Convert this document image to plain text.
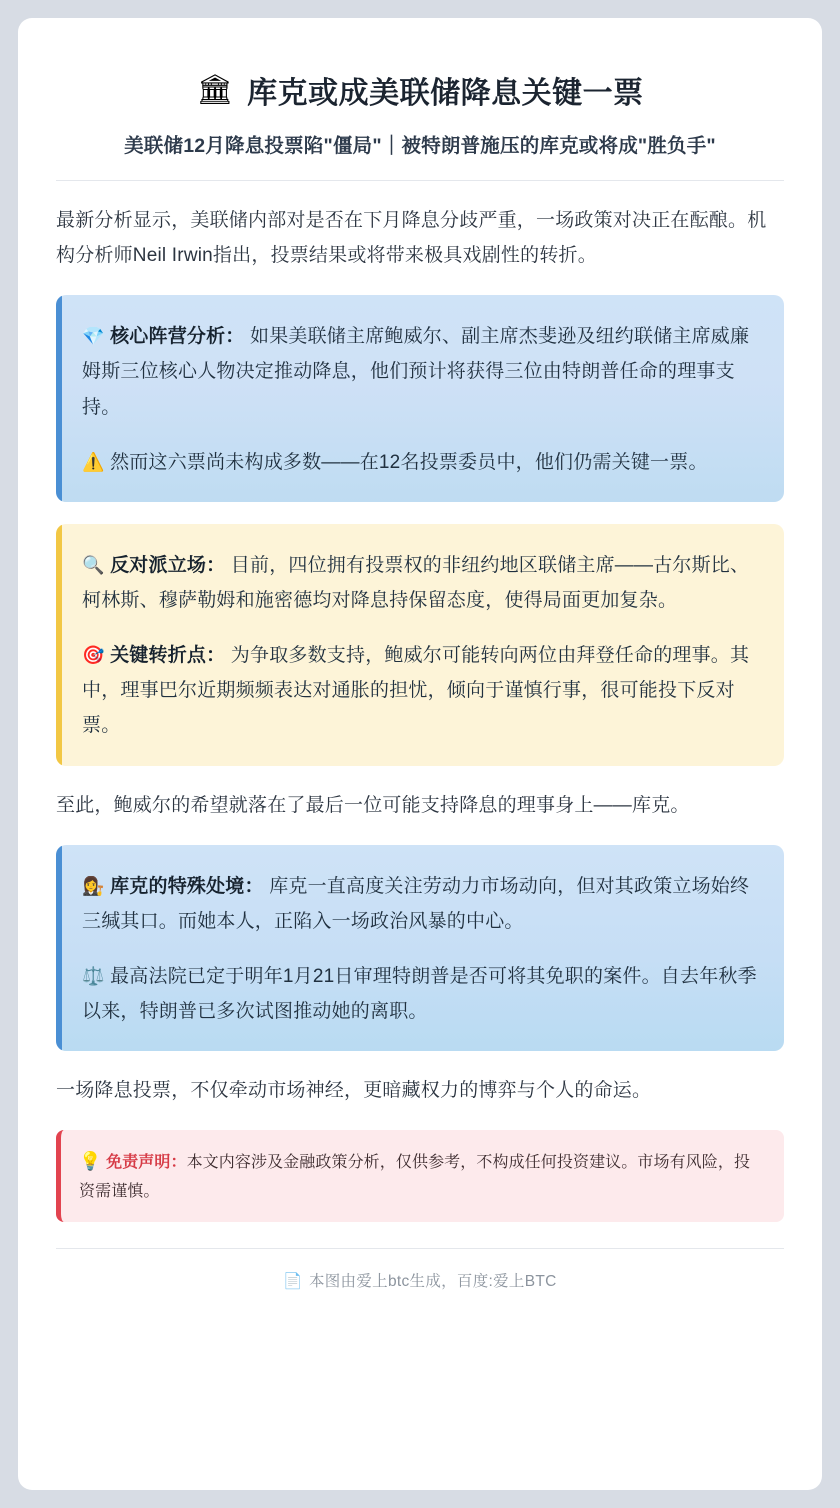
🏛 库克或成美联储降息关键一票
美联储12月降息投票陷"僵局"｜被特朗普施压的库克或将成"胜负手"

最新分析显示，美联储内部对是否在下月降息分歧严重，一场政策对决正在酝酿。机构分析师Neil Irwin指出，投票结果或将带来极具戏剧性的转折。

💎 核心阵营分析： 如果美联储主席鲍威尔、副主席杰斐逊及纽约联储主席威廉姆斯三位核心人物决定推动降息，他们预计将获得三位由特朗普任命的理事支持。

⚠️ 然而这六票尚未构成多数——在12名投票委员中，他们仍需关键一票。

🔍 反对派立场： 目前，四位拥有投票权的非纽约地区联储主席——古尔斯比、柯林斯、穆萨勒姆和施密德均对降息持保留态度，使得局面更加复杂。

🎯 关键转折点： 为争取多数支持，鲍威尔可能转向两位由拜登任命的理事。其中，理事巴尔近期频频表达对通胀的担忧，倾向于谨慎行事，很可能投下反对票。

至此，鲍威尔的希望就落在了最后一位可能支持降息的理事身上——库克。

👩‍⚖️ 库克的特殊处境： 库克一直高度关注劳动力市场动向，但对其政策立场始终三缄其口。而她本人，正陷入一场政治风暴的中心。

⚖️ 最高法院已定于明年1月21日审理特朗普是否可将其免职的案件。自去年秋季以来，特朗普已多次试图推动她的离职。

一场降息投票，不仅牵动市场神经，更暗藏权力的博弈与个人的命运。

💡 免责声明：本文内容涉及金融政策分析，仅供参考，不构成任何投资建议。市场有风险，投资需谨慎。
📄 本图由爱上btc生成，百度:爱上BTC
